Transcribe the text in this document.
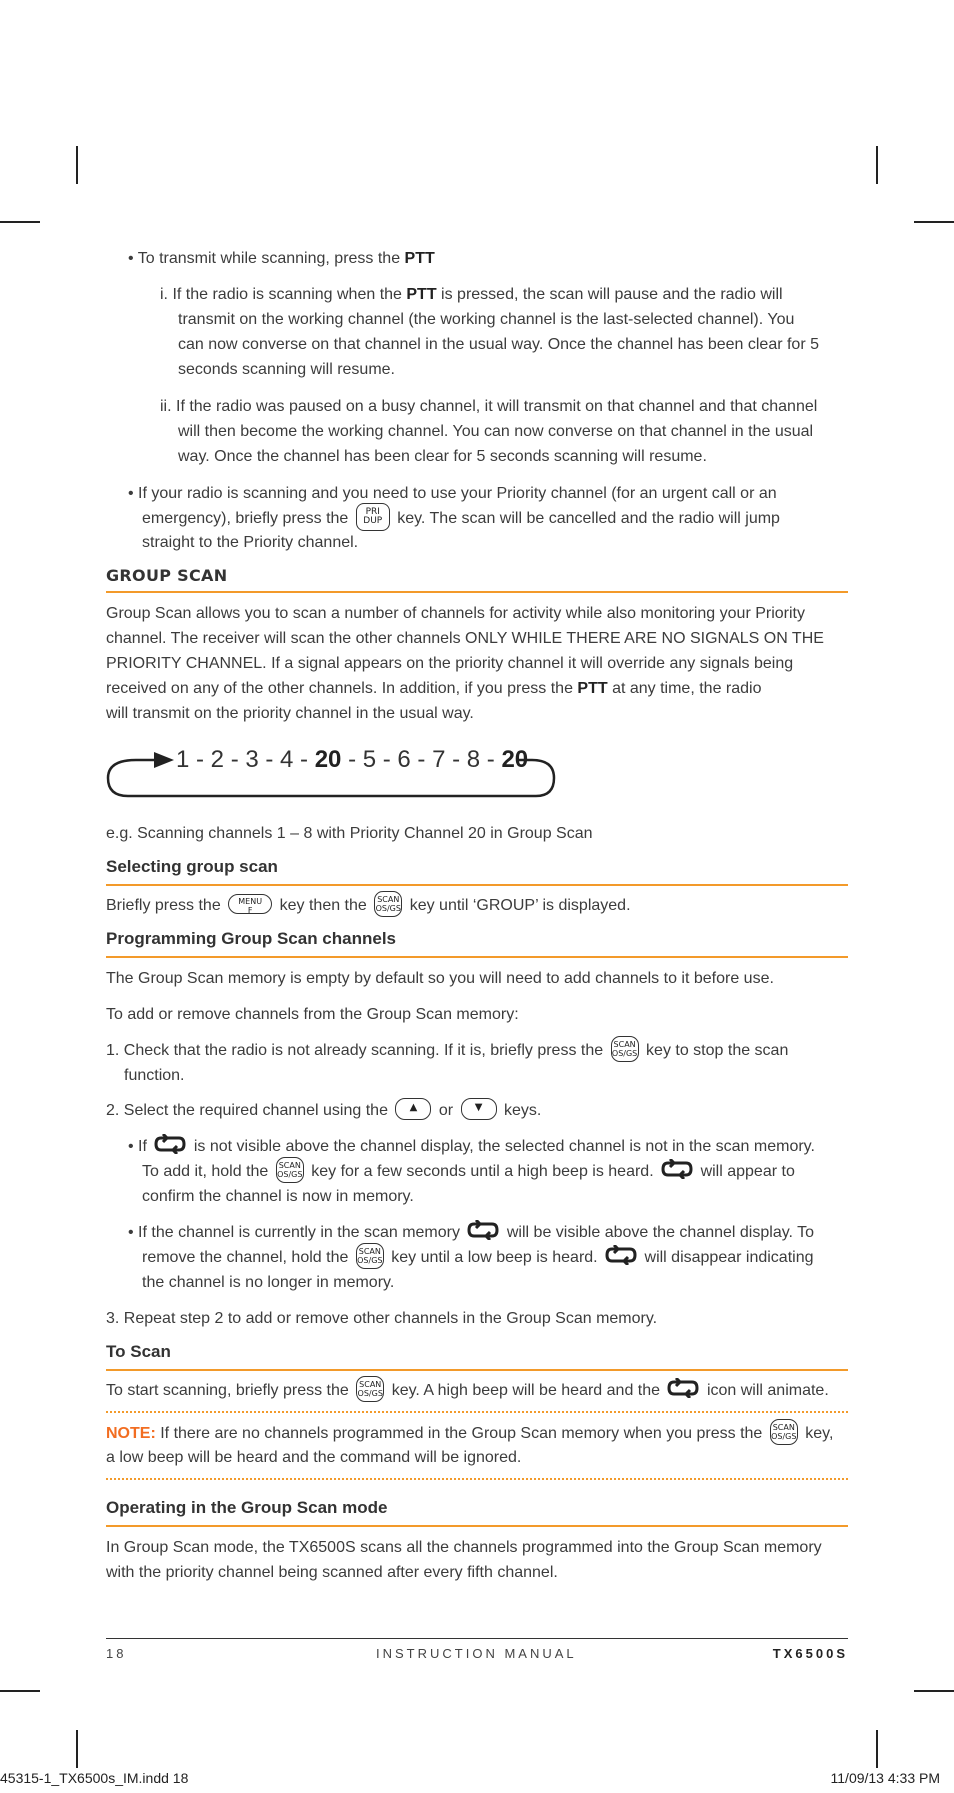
• To transmit while scanning, press the PTT
i. If the radio is scanning when the PTT is pressed, the scan will pause and the radio will
transmit on the working channel (the working channel is the last-selected channel). You
can now converse on that channel in the usual way. Once the channel has been clear for 5
seconds scanning will resume.
ii. If the radio was paused on a busy channel, it will transmit on that channel and that channel
will then become the working channel. You can now converse on that channel in the usual
way. Once the channel has been clear for 5 seconds scanning will resume.
• If your radio is scanning and you need to use your Priority channel (for an urgent call or an
emergency), briefly press the PRI
DUP key. The scan will be cancelled and the radio will jump
straight to the Priority channel.
GROUP SCAN
Group Scan allows you to scan a number of channels for activity while also monitoring your Priority
channel. The receiver will scan the other channels ONLY WHILE THERE ARE NO SIGNALS ON THE
PRIORITY CHANNEL. If a signal appears on the priority channel it will override any signals being
received on any of the other channels. In addition, if you press the PTT at any time, the radio
will transmit on the priority channel in the usual way.
1 - 2 - 3 - 4 - 20 - 5 - 6 - 7 - 8 - 20
e.g. Scanning channels 1 – 8 with Priority Channel 20 in Group Scan
Selecting group scan
Briefly press the MENU
F key then the SCAN
OS/GS key until ‘GROUP’ is displayed.
Programming Group Scan channels
The Group Scan memory is empty by default so you will need to add channels to it before use.
To add or remove channels from the Group Scan memory:
1. Check that the radio is not already scanning. If it is, briefly press the SCAN
OS/GS key to stop the scan
function.
2. Select the required channel using the	▲	or	▼	keys.
• If	is not visible above the channel display, the selected channel is not in the scan memory.
To add it, hold the SCAN
OS/GS key for a few seconds until a high beep is heard.	will appear to
confirm the channel is now in memory.
• If the channel is currently in the scan memory	will be visible above the channel display. To
remove the channel, hold the SCAN
OS/GS key until a low beep is heard.	will disappear indicating
the channel is no longer in memory.
3. Repeat step 2 to add or remove other channels in the Group Scan memory.
To Scan
To start scanning, briefly press the SCAN
OS/GS key. A high beep will be heard and the	icon will animate.
NOTE: If there are no channels programmed in the Group Scan memory when you press the SCAN
OS/GS key,
a low beep will be heard and the command will be ignored.
Operating in the Group Scan mode
In Group Scan mode, the TX6500S scans all the channels programmed into the Group Scan memory
with the priority channel being scanned after every fifth channel.
18	INSTRUCTION MANUAL	TX6500S
45315-1_TX6500s_IM.indd 18	11/09/13 4:33 PM
